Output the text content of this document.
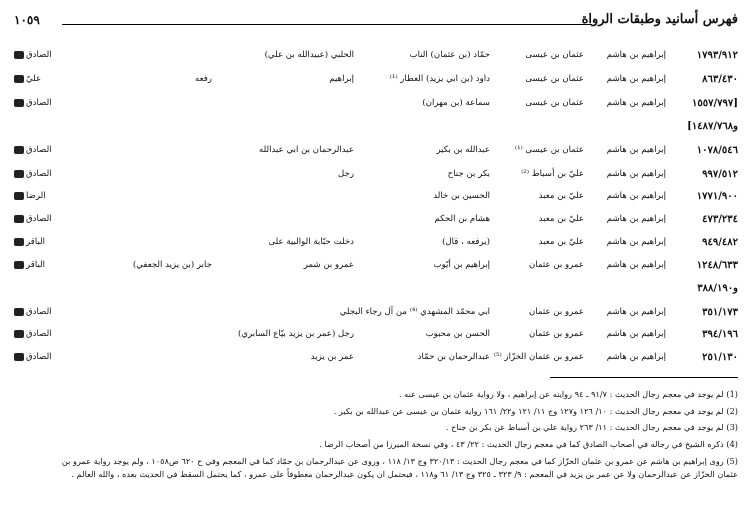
فهرس أسانيد وطبقات الرواة
١٠٥٩
١٧٩٣/٩١٢
إبراهيم بن هاشم
عثمان بن عيسى
حمّاد (بن عثمان) الناب
الحلبي (عبيدالله بن علي)
الصادق
٨٦٣/٤٣٠
إبراهيم بن هاشم
عثمان بن عيسى
داود (بن ابي يزيد) العطار ⁽¹⁾
إبراهيم
رفعه
عليّ
[١٥٥٧/٧٩٧
إبراهيم بن هاشم
عثمان بن عيسى
سماعة (بن مهران)
الصادق
١٠٧٨/٥٤٦
إبراهيم بن هاشم
عثمان بن عيسى ⁽¹⁾
عبدالله بن بكير
عبدالرحمان بن ابي عبدالله
الصادق
٩٩٧/٥١٢
إبراهيم بن هاشم
عليّ بن أسباط ⁽²⁾
بكر بن جناح
رجل
الصادق
١٧٧١/٩٠٠
إبراهيم بن هاشم
عليّ بن معبد
الحسين بن خالد
الرضا
٤٧٣/٢٣٤
إبراهيم بن هاشم
عليّ بن معبد
هشام بن الحكم
الصادق
٩٤٩/٤٨٢
إبراهيم بن هاشم
عليّ بن معبد
(يرفعه ، قال)
دخلت حبّابة الوالبية على
الباقر
١٢٤٨/٦٣٣
إبراهيم بن هاشم
عمرو بن عثمان
إبراهيم بن أيّوب
عمرو بن شمر
جابر (بن يزيد الجعفي)
الباقر
٣٥١/١٧٣
إبراهيم بن هاشم
عمرو بن عثمان
ابي محمّد المشهدي ⁽⁴⁾ من آل رجاء البجلي
الصادق
٣٩٤/١٩٦
إبراهيم بن هاشم
عمرو بن عثمان
الحسن بن محبوب
رجل (عمر بن يزيد بيّاع السابري)
الصادق
٢٥١/١٣٠
إبراهيم بن هاشم
عمرو بن عثمان الخزّاز ⁽⁵⁾
عبدالرحمان بن حمّاد
عمر بن يزيد
الصادق
و١٤٨٧/٧٦٨]
و٣٨٨/١٩٠
(1) لم يوجد في معجم رجال الحديث : ٩١/٧ ـ ٩٤ روايته عن إبراهيم ، ولا رواية عثمان بن عيسى عنه .
(2) لم يوجد في معجم رجال الحديث : ١٠/ ١٢٦ و١٢٧ وج ١١/ ١٢١ و٢٢/ ١٦١ رواية عثمان بن عيسى عن عبدالله بن بكير .
(3) لم يوجد في معجم رجال الحديث : ١١/ ٢٦٣ رواية علي بن أسباط عن بكر بن جناح .
(4) ذكره الشيخ في رجاله في أصحاب الصادق كما في معجم رجال الحديث : ٢٢/ ٤٣ ، وفي نسخة الميرزا من أصحاب الرضا .
(5) روى إبراهيم بن هاشم عن عمرو بن عثمان الخزّاز كما في معجم رجال الحديث : ٣٢٠/١٣ وج ١٣/ ١١٨ ، وروى عن عبدالرحمان بن حمّاد كما في المعجم وفي ح ٦٢٠ ص١٠٥٨ ، ولم يوجد رواية عمرو بن
عثمان الخزّاز عن عبدالرحمان ولا عن عمر بن يزيد في المعجم : ٩/ ٣٢٣ ـ ٣٢٥ وج ١٣/ ٦١ و١١٨ ، فيحتمل ان يكون عبدالرحمان معطوفاً على عمرو ، كما يحتمل السقط في الحديث بعده ، والله العالم .
